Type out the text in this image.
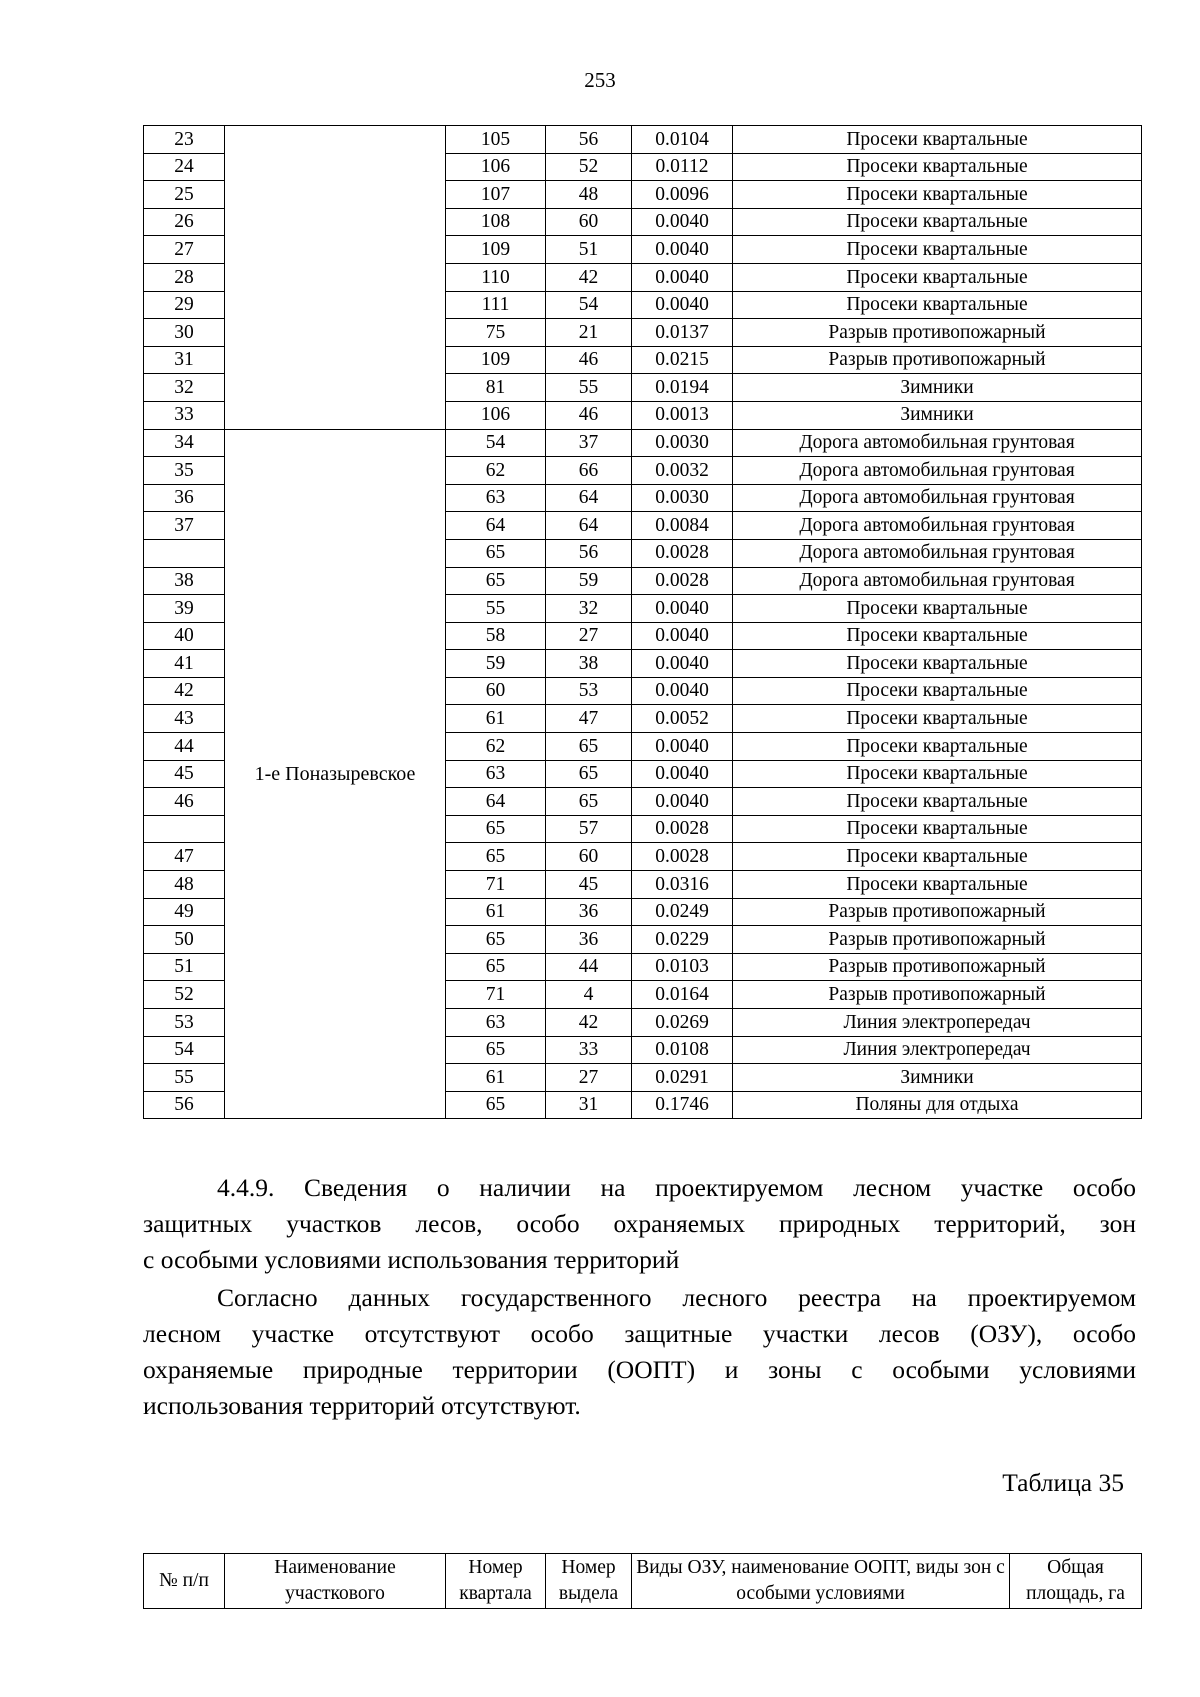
253
23		105	56	0.0104	Просеки квартальные
24		106	52	0.0112	Просеки квартальные
25		107	48	0.0096	Просеки квартальные
26		108	60	0.0040	Просеки квартальные
27		109	51	0.0040	Просеки квартальные
28		110	42	0.0040	Просеки квартальные
29		111	54	0.0040	Просеки квартальные
30		75	21	0.0137	Разрыв противопожарный
31		109	46	0.0215	Разрыв противопожарный
32		81	55	0.0194	Зимники
33		106	46	0.0013	Зимники
34	1-е Поназыревское	54	37	0.0030	Дорога автомобильная грунтовая
35		62	66	0.0032	Дорога автомобильная грунтовая
36		63	64	0.0030	Дорога автомобильная грунтовая
37		64	64	0.0084	Дорога автомобильная грунтовая
		65	56	0.0028	Дорога автомобильная грунтовая
38		65	59	0.0028	Дорога автомобильная грунтовая
39		55	32	0.0040	Просеки квартальные
40		58	27	0.0040	Просеки квартальные
41		59	38	0.0040	Просеки квартальные
42		60	53	0.0040	Просеки квартальные
43		61	47	0.0052	Просеки квартальные
44		62	65	0.0040	Просеки квартальные
45		63	65	0.0040	Просеки квартальные
46		64	65	0.0040	Просеки квартальные
		65	57	0.0028	Просеки квартальные
47		65	60	0.0028	Просеки квартальные
48		71	45	0.0316	Просеки квартальные
49		61	36	0.0249	Разрыв противопожарный
50		65	36	0.0229	Разрыв противопожарный
51		65	44	0.0103	Разрыв противопожарный
52		71	4	0.0164	Разрыв противопожарный
53		63	42	0.0269	Линия электропередач
54		65	33	0.0108	Линия электропередач
55		61	27	0.0291	Зимники
56		65	31	0.1746	Поляны для отдыха
4.4.9. Сведения о наличии на проектируемом лесном участке особо
защитных участков лесов, особо охраняемых природных территорий, зон
с особыми условиями использования территорий
Согласно данных государственного лесного реестра на проектируемом
лесном участке отсутствуют особо защитные участки лесов (ОЗУ), особо
охраняемые природные территории (ООПТ) и зоны с особыми условиями
использования территорий отсутствуют.
Таблица 35
№ п/п	Наименование участкового	Номер квартала	Номер выдела	Виды ОЗУ, наименование ООПТ, виды зон с особыми условиями	Общая площадь, га
